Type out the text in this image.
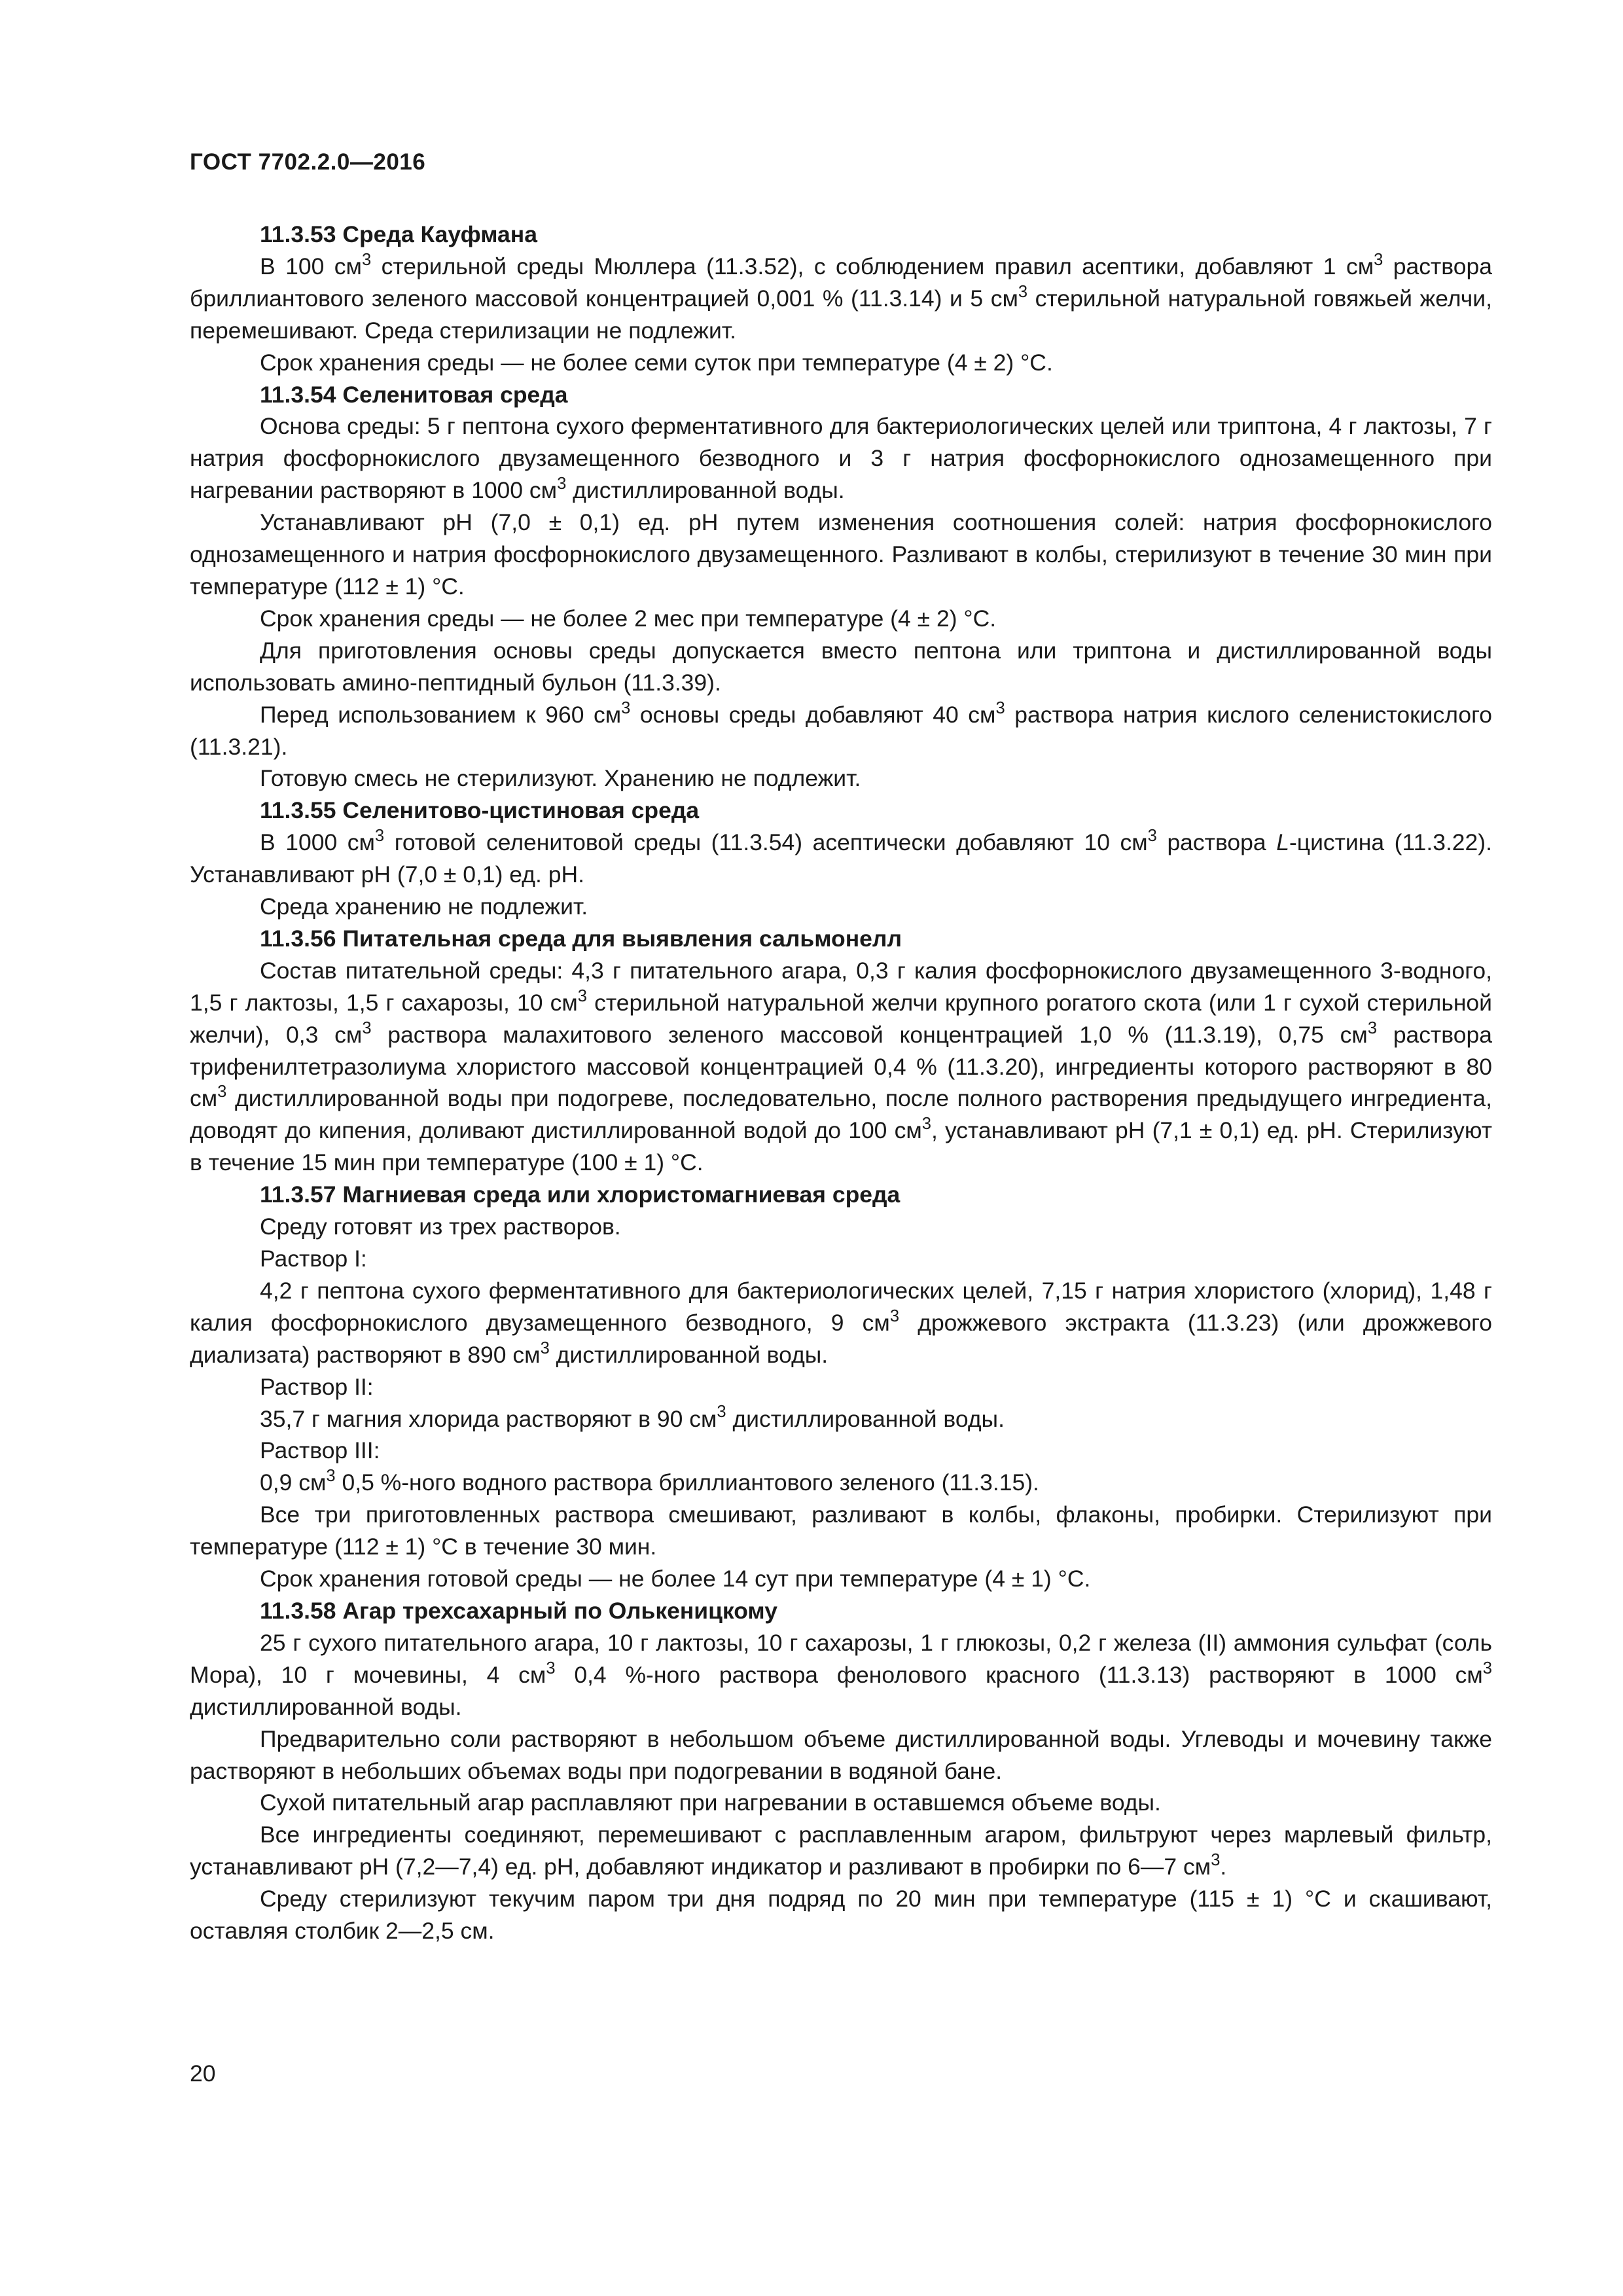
ГОСТ 7702.2.0—2016

11.3.53 Среда Кауфмана

В 100 $см^3$ стерильной среды Мюллера (11.3.52), с соблюдением правил асептики, добавляют 1 $см^3$ раствора бриллиантового зеленого массовой концентрацией 0,001 % (11.3.14) и 5 $см^3$ стерильной натуральной говяжьей желчи, перемешивают. Среда стерилизации не подлежит.

Срок хранения среды — не более семи суток при температуре (4 ± 2) °С.

11.3.54 Селенитовая среда

Основа среды: 5 г пептона сухого ферментативного для бактериологических целей или триптона, 4 г лактозы, 7 г натрия фосфорнокислого двузамещенного безводного и 3 г натрия фосфорнокислого однозамещенного при нагревании растворяют в 1000 $см^3$ дистиллированной воды.

Устанавливают pH (7,0 ± 0,1) ед. pH путем изменения соотношения солей: натрия фосфорнокислого однозамещенного и натрия фосфорнокислого двузамещенного. Разливают в колбы, стерилизуют в течение 30 мин при температуре (112 ± 1) °С.

Срок хранения среды — не более 2 мес при температуре (4 ± 2) °С.

Для приготовления основы среды допускается вместо пептона или триптона и дистиллированной воды использовать амино-пептидный бульон (11.3.39).

Перед использованием к 960 $см^3$ основы среды добавляют 40 $см^3$ раствора натрия кислого селенистокислого (11.3.21).

Готовую смесь не стерилизуют. Хранению не подлежит.

11.3.55 Селенитово-цистиновая среда

В 1000 $см^3$ готовой селенитовой среды (11.3.54) асептически добавляют 10 $см^3$ раствора L-цистина (11.3.22). Устанавливают pH (7,0 ± 0,1) ед. pH.

Среда хранению не подлежит.

11.3.56 Питательная среда для выявления сальмонелл

Состав питательной среды: 4,3 г питательного агара, 0,3 г калия фосфорнокислого двузамещенного 3-водного, 1,5 г лактозы, 1,5 г сахарозы, 10 $см^3$ стерильной натуральной желчи крупного рогатого скота (или 1 г сухой стерильной желчи), 0,3 $см^3$ раствора малахитового зеленого массовой концентрацией 1,0 % (11.3.19), 0,75 $см^3$ раствора трифенилтетразолиума хлористого массовой концентрацией 0,4 % (11.3.20), ингредиенты которого растворяют в 80 $см^3$ дистиллированной воды при подогреве, последовательно, после полного растворения предыдущего ингредиента, доводят до кипения, доливают дистиллированной водой до 100 $см^3$, устанавливают pH (7,1 ± 0,1) ед. pH. Стерилизуют в течение 15 мин при температуре (100 ± 1) °С.

11.3.57 Магниевая среда или хлористомагниевая среда

Среду готовят из трех растворов.

Раствор I:

4,2 г пептона сухого ферментативного для бактериологических целей, 7,15 г натрия хлористого (хлорид), 1,48 г калия фосфорнокислого двузамещенного безводного, 9 $см^3$ дрожжевого экстракта (11.3.23) (или дрожжевого диализата) растворяют в 890 $см^3$ дистиллированной воды.

Раствор II:

35,7 г магния хлорида растворяют в 90 $см^3$ дистиллированной воды.

Раствор III:

0,9 $см^3$ 0,5 %-ного водного раствора бриллиантового зеленого (11.3.15).

Все три приготовленных раствора смешивают, разливают в колбы, флаконы, пробирки. Стерилизуют при температуре (112 ± 1) °С в течение 30 мин.

Срок хранения готовой среды — не более 14 сут при температуре (4 ± 1) °С.

11.3.58 Агар трехсахарный по Олькеницкому

25 г сухого питательного агара, 10 г лактозы, 10 г сахарозы, 1 г глюкозы, 0,2 г железа (II) аммония сульфат (соль Мора), 10 г мочевины, 4 $см^3$ 0,4 %-ного раствора фенолового красного (11.3.13) растворяют в 1000 $см^3$ дистиллированной воды.

Предварительно соли растворяют в небольшом объеме дистиллированной воды. Углеводы и мочевину также растворяют в небольших объемах воды при подогревании в водяной бане.

Сухой питательный агар расплавляют при нагревании в оставшемся объеме воды.

Все ингредиенты соединяют, перемешивают с расплавленным агаром, фильтруют через марлевый фильтр, устанавливают pH (7,2—7,4) ед. pH, добавляют индикатор и разливают в пробирки по 6—7 $см^3$.

Среду стерилизуют текучим паром три дня подряд по 20 мин при температуре (115 ± 1) °С и скашивают, оставляя столбик 2—2,5 см.

20
